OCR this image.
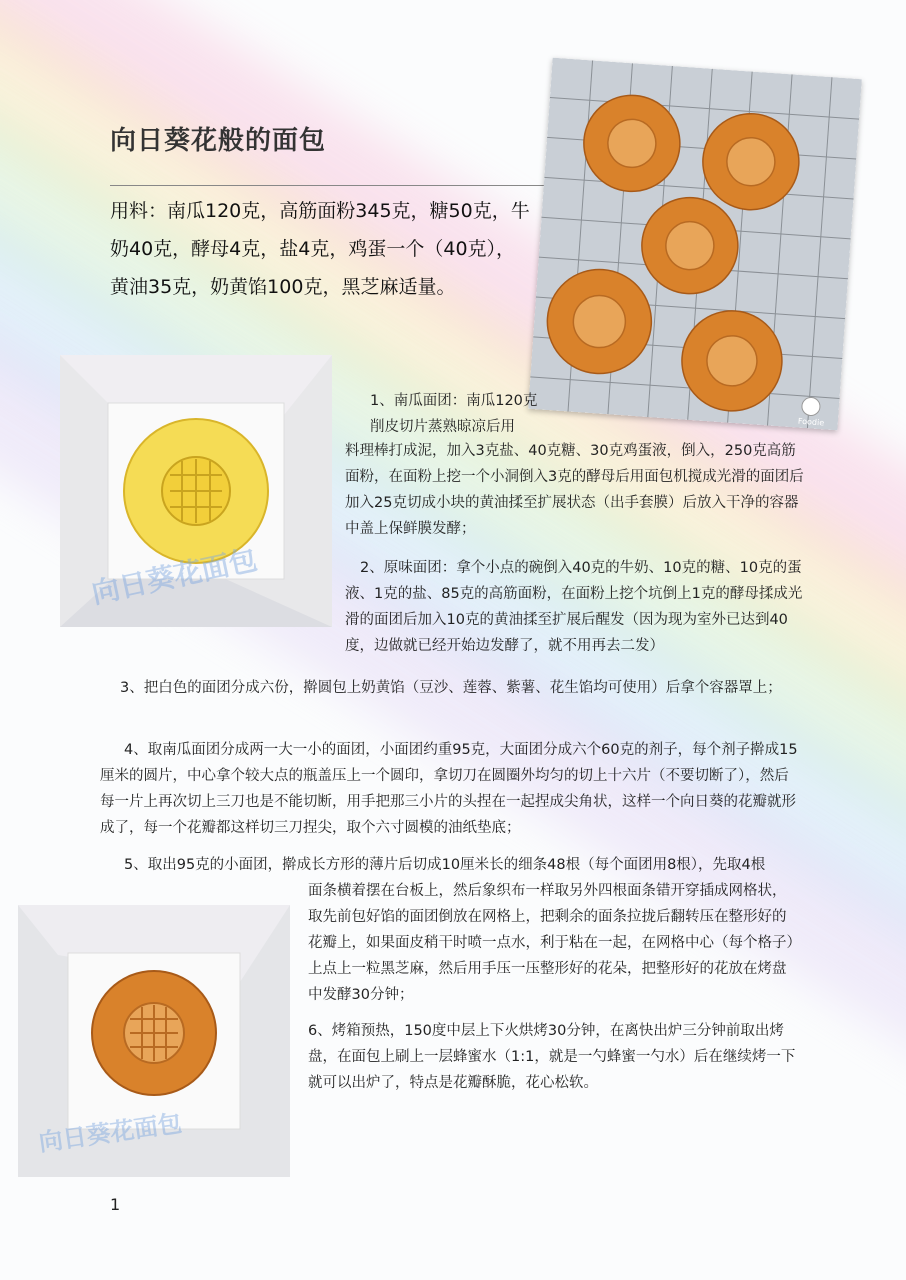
向日葵花般的面包
用料：南瓜120克，高筋面粉345克，糖50克，牛奶40克，酵母4克，盐4克，鸡蛋一个（40克），黄油35克，奶黄馅100克，黑芝麻适量。
Foodie
向日葵花面包
1、南瓜面团：南瓜120克削皮切片蒸熟晾凉后用
料理棒打成泥，加入3克盐、40克糖、30克鸡蛋液，倒入，250克高筋面粉，在面粉上挖一个小洞倒入3克的酵母后用面包机搅成光滑的面团后加入25克切成小块的黄油揉至扩展状态（出手套膜）后放入干净的容器中盖上保鲜膜发酵；
2、原味面团：拿个小点的碗倒入40克的牛奶、10克的糖、10克的蛋液、1克的盐、85克的高筋面粉，在面粉上挖个坑倒上1克的酵母揉成光滑的面团后加入10克的黄油揉至扩展后醒发（因为现为室外已达到40度，边做就已经开始边发酵了，就不用再去二发）
3、把白色的面团分成六份，擀圆包上奶黄馅（豆沙、莲蓉、紫薯、花生馅均可使用）后拿个容器罩上；
4、取南瓜面团分成两一大一小的面团，小面团约重95克，大面团分成六个60克的剂子，每个剂子擀成15厘米的圆片，中心拿个较大点的瓶盖压上一个圆印，拿切刀在圆圈外均匀的切上十六片（不要切断了），然后每一片上再次切上三刀也是不能切断，用手把那三小片的头捏在一起捏成尖角状，这样一个向日葵的花瓣就形成了，每一个花瓣都这样切三刀捏尖，取个六寸圆模的油纸垫底；
5、取出95克的小面团，擀成长方形的薄片后切成10厘米长的细条48根（每个面团用8根），先取4根
向日葵花面包
面条横着摆在台板上，然后象织布一样取另外四根面条错开穿插成网格状，取先前包好馅的面团倒放在网格上，把剩余的面条拉拢后翻转压在整形好的花瓣上，如果面皮稍干时喷一点水，利于粘在一起，在网格中心（每个格子）上点上一粒黑芝麻，然后用手压一压整形好的花朵，把整形好的花放在烤盘中发酵30分钟；
6、烤箱预热，150度中层上下火烘烤30分钟，在离快出炉三分钟前取出烤盘，在面包上刷上一层蜂蜜水（1:1，就是一勺蜂蜜一勺水）后在继续烤一下就可以出炉了，特点是花瓣酥脆，花心松软。
1
